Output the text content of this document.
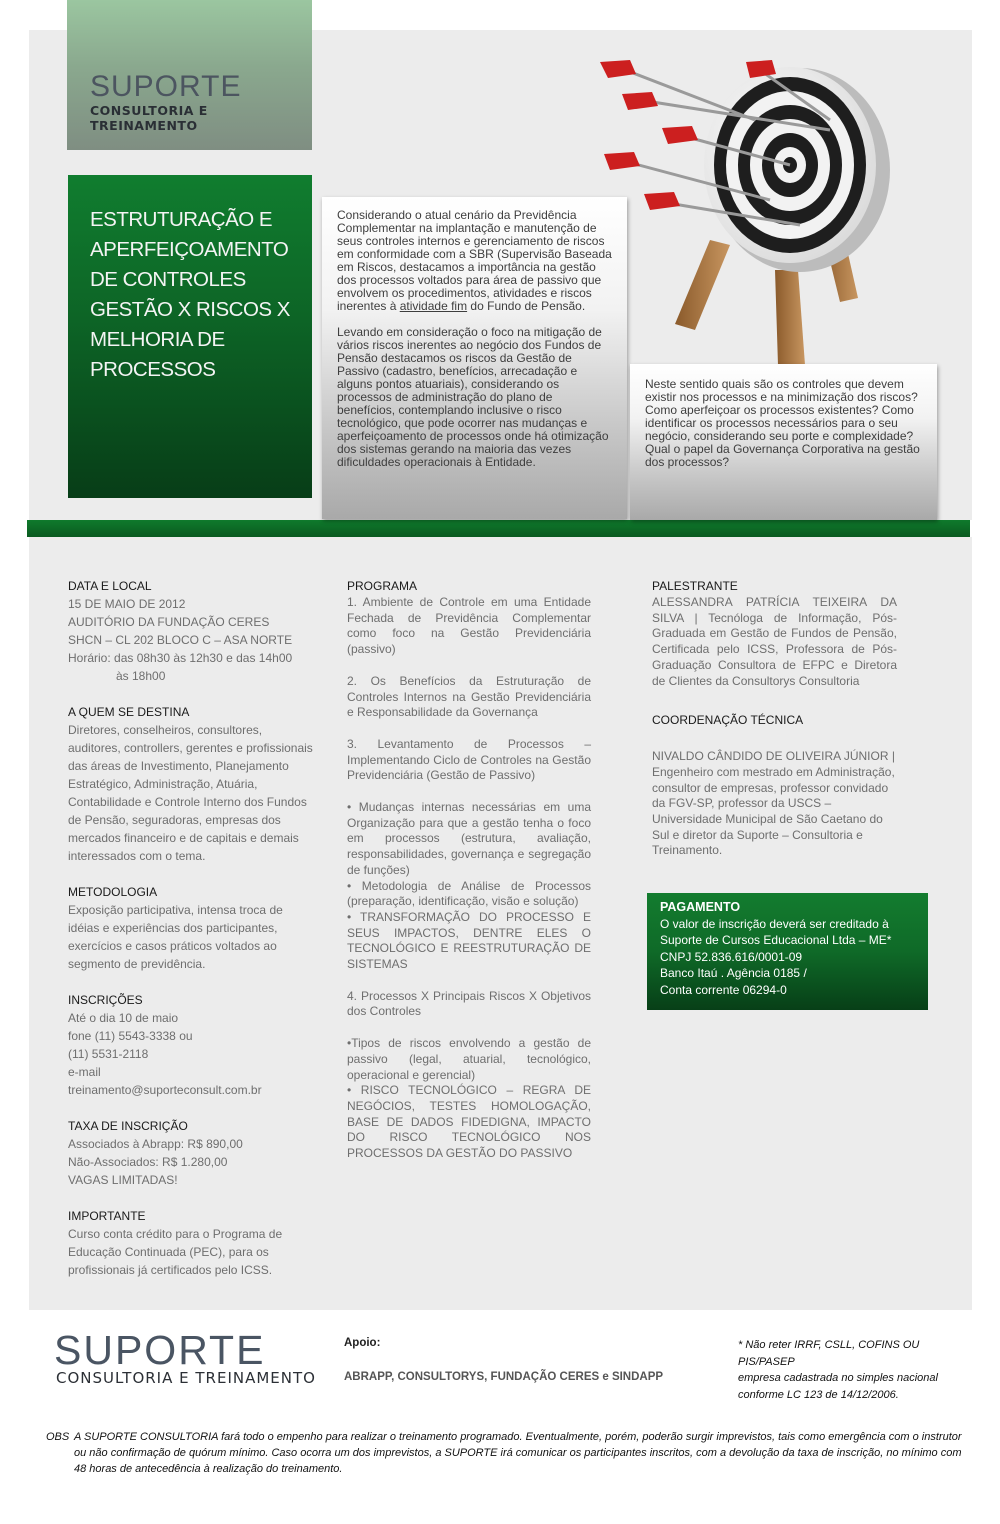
SUPORTE
CONSULTORIA E TREINAMENTO
ESTRUTURAÇÃO E
APERFEIÇOAMENTO
DE CONTROLES
GESTÃO X RISCOS X
MELHORIA DE
PROCESSOS

Considerando o atual cenário da Previdência Complementar na implantação e manutenção de seus controles internos e gerenciamento de riscos em conformidade com a SBR (Supervisão Baseada em Riscos, destacamos a importância na gestão dos processos voltados para área de passivo que envolvem os procedimentos, atividades e riscos inerentes à atividade fim do Fundo de Pensão.

Levando em consideração o foco na mitigação de vários riscos inerentes ao negócio dos Fundos de Pensão destacamos os riscos da Gestão de Passivo (cadastro, benefícios, arrecadação e alguns pontos atuariais), considerando os processos de administração do plano de benefícios, contemplando inclusive o risco tecnológico, que pode ocorrer nas mudanças e aperfeiçoamento de processos onde há otimização dos sistemas gerando na maioria das vezes dificuldades operacionais à Entidade.

Neste sentido quais são os controles que devem existir nos processos e na minimização dos riscos? Como aperfeiçoar os processos existentes? Como identificar os processos necessários para o seu negócio, considerando seu porte e complexidade? Qual o papel da Governança Corporativa na gestão dos processos?

DATA E LOCAL
15 DE MAIO DE 2012
AUDITÓRIO DA FUNDAÇÃO CERES
SHCN – CL 202 BLOCO C – ASA NORTE
Horário: das 08h30 às 12h30 e das 14h00
às 18h00
A QUEM SE DESTINA
Diretores, conselheiros, consultores, auditores, controllers, gerentes e profissionais das áreas de Investimento, Planejamento Estratégico, Administração, Atuária, Contabilidade e Controle Interno dos Fundos de Pensão, seguradoras, empresas dos mercados financeiro e de capitais e demais interessados com o tema.
METODOLOGIA
Exposição participativa, intensa troca de idéias e experiências dos participantes, exercícios e casos práticos voltados ao segmento de previdência.
INSCRIÇÕES
Até o dia 10 de maio
fone (11) 5543-3338 ou
(11) 5531-2118
e-mail
treinamento@suporteconsult.com.br
TAXA DE INSCRIÇÃO
Associados à Abrapp: R$ 890,00
Não-Associados: R$ 1.280,00
VAGAS LIMITADAS!
IMPORTANTE
Curso conta crédito para o Programa de Educação Continuada (PEC), para os profissionais já certificados pelo ICSS.
PROGRAMA
1. Ambiente de Controle em uma Entidade Fechada de Previdência Complementar como foco na Gestão Previdenciária (passivo)
2. Os Benefícios da Estruturação de Controles Internos na Gestão Previdenciária e Responsabilidade da Governança
3. Levantamento de Processos – Implementando Ciclo de Controles na Gestão Previdenciária (Gestão de Passivo)
• Mudanças internas necessárias em uma Organização para que a gestão tenha o foco em processos (estrutura, avaliação, responsabilidades, governança e segregação de funções)
• Metodologia de Análise de Processos (preparação, identificação, visão e solução)
• TRANSFORMAÇÃO DO PROCESSO E SEUS IMPACTOS, DENTRE ELES O TECNOLÓGICO E REESTRUTURAÇÃO DE SISTEMAS
4. Processos X Principais Riscos X Objetivos dos Controles
•Tipos de riscos envolvendo a gestão de passivo (legal, atuarial, tecnológico, operacional e gerencial)
• RISCO TECNOLÓGICO – REGRA DE NEGÓCIOS, TESTES HOMOLOGAÇÃO, BASE DE DADOS FIDEDIGNA, IMPACTO DO RISCO TECNOLÓGICO NOS PROCESSOS DA GESTÃO DO PASSIVO
PALESTRANTE
ALESSANDRA PATRÍCIA TEIXEIRA DA SILVA | Tecnóloga de Informação, Pós-Graduada em Gestão de Fundos de Pensão, Certificada pelo ICSS, Professora de Pós-Graduação Consultora de EFPC e Diretora de Clientes da Consultorys Consultoria
COORDENAÇÃO TÉCNICA
NIVALDO CÂNDIDO DE OLIVEIRA JÚNIOR | Engenheiro com mestrado em Administração, consultor de empresas, professor convidado da FGV-SP, professor da USCS – Universidade Municipal de São Caetano do Sul e diretor da Suporte – Consultoria e Treinamento.
PAGAMENTO
O valor de inscrição deverá ser creditado à
Suporte de Cursos Educacional Ltda – ME*
CNPJ 52.836.616/0001-09
Banco Itaú . Agência 0185 /
Conta corrente 06294-0
SUPORTE
CONSULTORIA E TREINAMENTO
Apoio:
ABRAPP, CONSULTORYS, FUNDAÇÃO CERES e SINDAPP
* Não reter IRRF, CSLL, COFINS OU PIS/PASEP
empresa cadastrada no simples nacional
conforme LC 123 de 14/12/2006.
OBS A SUPORTE CONSULTORIA fará todo o empenho para realizar o treinamento programado. Eventualmente, porém, poderão surgir imprevistos, tais como emergência com o instrutor ou não confirmação de quórum mínimo. Caso ocorra um dos imprevistos, a SUPORTE irá comunicar os participantes inscritos, com a devolução da taxa de inscrição, no mínimo com 48 horas de antecedência à realização do treinamento.
